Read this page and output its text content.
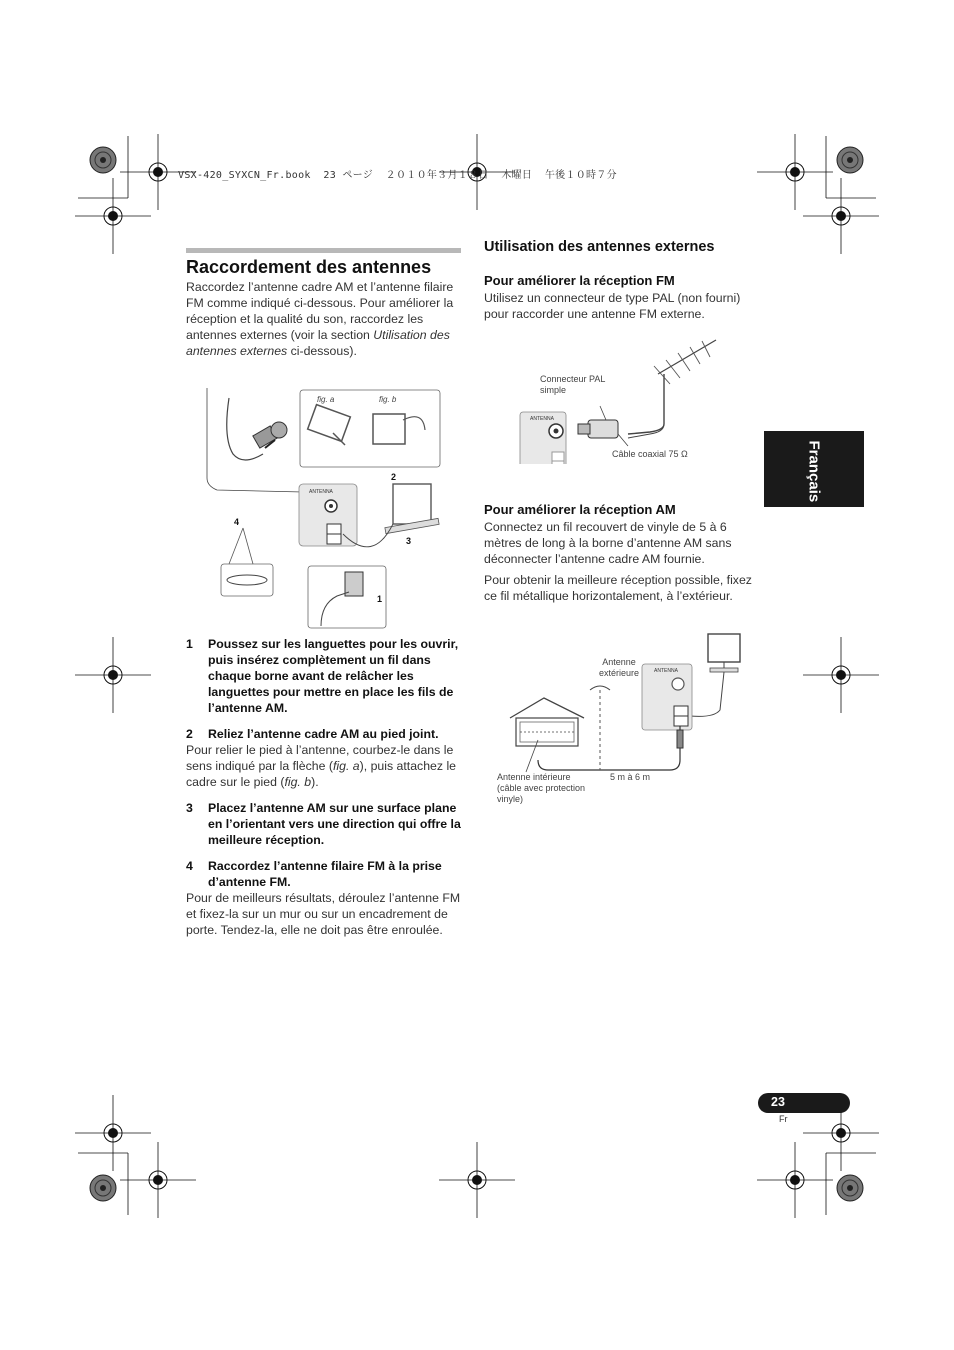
VSX-420_SYXCN_Fr.book  23 ページ  ２０１０年３月１８日  木曜日  午後１０時７分
Raccordement des antennes
Raccordez l’antenne cadre AM et l’antenne filaire FM comme indiqué ci-dessous. Pour améliorer la réception et la qualité du son, raccordez les antennes externes (voir la section Utilisation des antennes externes ci-dessous).
ANTENNA
fig. a	fig. b
1
2
3
4
1	Poussez sur les languettes pour les ouvrir, puis insérez complètement un fil dans chaque borne avant de relâcher les languettes pour mettre en place les fils de l’antenne AM.
2	Reliez l’antenne cadre AM au pied joint.
Pour relier le pied à l’antenne, courbez-le dans le sens indiqué par la flèche (fig. a), puis attachez le cadre sur le pied (fig. b).
3	Placez l’antenne AM sur une surface plane en l’orientant vers une direction qui offre la meilleure réception.
4	Raccordez l’antenne filaire FM à la prise d’antenne FM.
Pour de meilleurs résultats, déroulez l’antenne FM et fixez-la sur un mur ou sur un encadrement de porte. Tendez-la, elle ne doit pas être enroulée.
Utilisation des antennes externes
Pour améliorer la réception FM
Utilisez un connecteur de type PAL (non fourni) pour raccorder une antenne FM externe.
ANTENNA
Connecteur PAL simple
Câble coaxial 75 Ω
Pour améliorer la réception AM
Connectez un fil recouvert de vinyle de 5 à 6 mètres de long à la borne d’antenne AM sans déconnecter l’antenne cadre AM fournie.
Pour obtenir la meilleure réception possible, fixez ce fil métallique horizontalement, à l’extérieur.
ANTENNA
Antenne extérieure
Antenne intérieure (câble avec protection vinyle)
5 m à 6 m
Français
23
Fr
